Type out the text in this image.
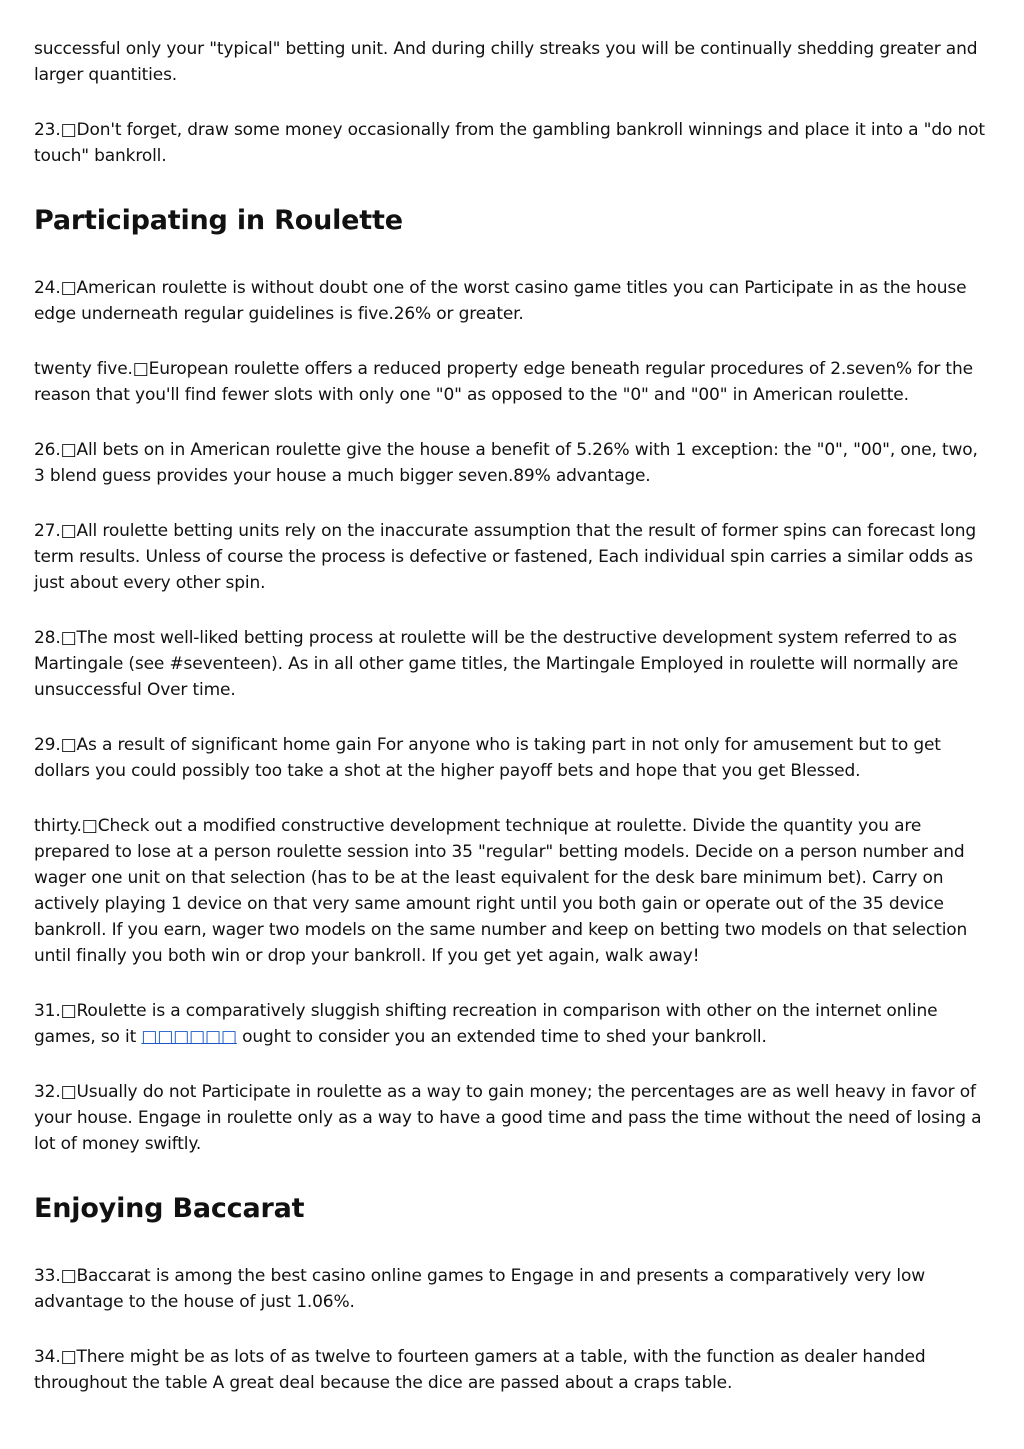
successful only your "typical" betting unit. And during chilly streaks you will be continually shedding greater and larger quantities.

23.□Don't forget, draw some money occasionally from the gambling bankroll winnings and place it into a "do not touch" bankroll.

Participating in Roulette

24.□American roulette is without doubt one of the worst casino game titles you can Participate in as the house edge underneath regular guidelines is five.26% or greater.

twenty five.□European roulette offers a reduced property edge beneath regular procedures of 2.seven% for the reason that you'll find fewer slots with only one "0" as opposed to the "0" and "00" in American roulette.

26.□All bets on in American roulette give the house a benefit of 5.26% with 1 exception: the "0", "00", one, two, 3 blend guess provides your house a much bigger seven.89% advantage.

27.□All roulette betting units rely on the inaccurate assumption that the result of former spins can forecast long term results. Unless of course the process is defective or fastened, Each individual spin carries a similar odds as just about every other spin.

28.□The most well-liked betting process at roulette will be the destructive development system referred to as Martingale (see #seventeen). As in all other game titles, the Martingale Employed in roulette will normally are unsuccessful Over time.

29.□As a result of significant home gain For anyone who is taking part in not only for amusement but to get dollars you could possibly too take a shot at the higher payoff bets and hope that you get Blessed.

thirty.□Check out a modified constructive development technique at roulette. Divide the quantity you are prepared to lose at a person roulette session into 35 "regular" betting models. Decide on a person number and wager one unit on that selection (has to be at the least equivalent for the desk bare minimum bet). Carry on actively playing 1 device on that very same amount right until you both gain or operate out of the 35 device bankroll. If you earn, wager two models on the same number and keep on betting two models on that selection until finally you both win or drop your bankroll. If you get yet again, walk away!

31.□Roulette is a comparatively sluggish shifting recreation in comparison with other on the internet online games, so it □□□□□□ ought to consider you an extended time to shed your bankroll.

32.□Usually do not Participate in roulette as a way to gain money; the percentages are as well heavy in favor of your house. Engage in roulette only as a way to have a good time and pass the time without the need of losing a lot of money swiftly.

Enjoying Baccarat

33.□Baccarat is among the best casino online games to Engage in and presents a comparatively very low advantage to the house of just 1.06%.

34.□There might be as lots of as twelve to fourteen gamers at a table, with the function as dealer handed throughout the table A great deal because the dice are passed about a craps table.
